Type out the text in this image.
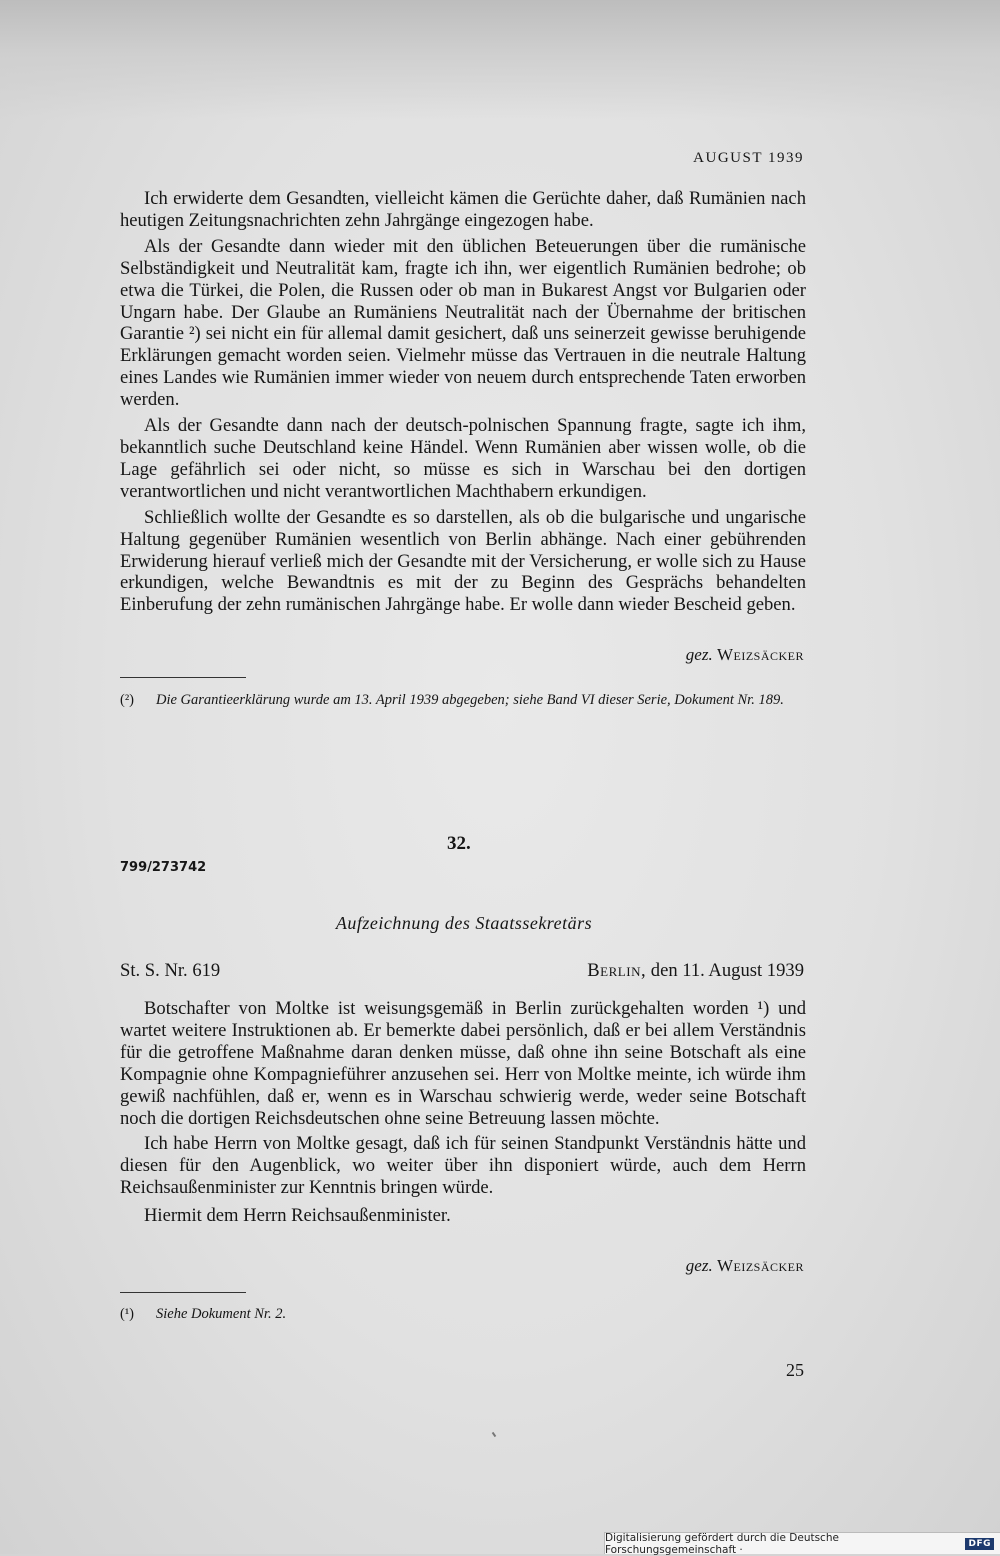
AUGUST 1939

Ich erwiderte dem Gesandten, vielleicht kämen die Gerüchte daher, daß Rumänien nach heutigen Zeitungsnachrichten zehn Jahrgänge eingezogen habe.

Als der Gesandte dann wieder mit den üblichen Beteuerungen über die rumänische Selbständigkeit und Neutralität kam, fragte ich ihn, wer eigentlich Rumänien bedrohe; ob etwa die Türkei, die Polen, die Russen oder ob man in Bukarest Angst vor Bulgarien oder Ungarn habe. Der Glaube an Rumäniens Neutralität nach der Übernahme der britischen Garantie ²) sei nicht ein für allemal damit gesichert, daß uns seinerzeit gewisse beruhigende Erklärungen gemacht worden seien. Vielmehr müsse das Vertrauen in die neutrale Haltung eines Landes wie Rumänien immer wieder von neuem durch entsprechende Taten erworben werden.

Als der Gesandte dann nach der deutsch-polnischen Spannung fragte, sagte ich ihm, bekanntlich suche Deutschland keine Händel. Wenn Rumänien aber wissen wolle, ob die Lage gefährlich sei oder nicht, so müsse es sich in Warschau bei den dortigen verantwortlichen und nicht verantwortlichen Machthabern erkundigen.

Schließlich wollte der Gesandte es so darstellen, als ob die bulgarische und ungarische Haltung gegenüber Rumänien wesentlich von Berlin abhänge. Nach einer gebührenden Erwiderung hierauf verließ mich der Gesandte mit der Versicherung, er wolle sich zu Hause erkundigen, welche Bewandtnis es mit der zu Beginn des Gesprächs behandelten Einberufung der zehn rumänischen Jahrgänge habe. Er wolle dann wieder Bescheid geben.

gez. Weizsäcker
(²) Die Garantieerklärung wurde am 13. April 1939 abgegeben; siehe Band VI dieser Serie, Dokument Nr. 189.
32.
799/273742
Aufzeichnung des Staatssekretärs
St. S. Nr. 619	Berlin, den 11. August 1939

Botschafter von Moltke ist weisungsgemäß in Berlin zurückgehalten worden ¹) und wartet weitere Instruktionen ab. Er bemerkte dabei persönlich, daß er bei allem Verständnis für die getroffene Maßnahme daran denken müsse, daß ohne ihn seine Botschaft als eine Kompagnie ohne Kompagnieführer anzusehen sei. Herr von Moltke meinte, ich würde ihm gewiß nachfühlen, daß er, wenn es in Warschau schwierig werde, weder seine Botschaft noch die dortigen Reichsdeutschen ohne seine Betreuung lassen möchte.

Ich habe Herrn von Moltke gesagt, daß ich für seinen Standpunkt Verständnis hätte und diesen für den Augenblick, wo weiter über ihn disponiert würde, auch dem Herrn Reichsaußenminister zur Kenntnis bringen würde.

Hiermit dem Herrn Reichsaußenminister.

gez. Weizsäcker
(¹) Siehe Dokument Nr. 2.
25
Digitalisierung gefördert durch die Deutsche Forschungsgemeinschaft ·	DFG
